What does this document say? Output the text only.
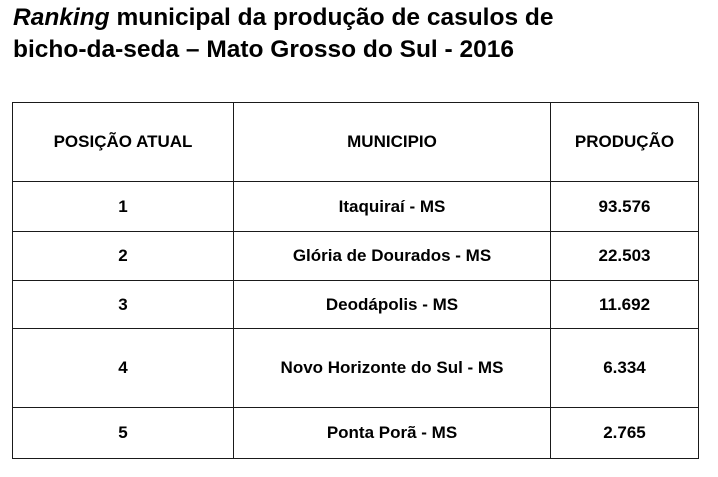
Ranking municipal da produção de casulos de
bicho-da-seda – Mato Grosso do Sul - 2016
POSIÇÃO ATUAL	MUNICIPIO	PRODUÇÃO
1	Itaquiraí - MS	93.576
2	Glória de Dourados - MS	22.503
3	Deodápolis - MS	11.692
4	Novo Horizonte do Sul - MS	6.334
5	Ponta Porã - MS	2.765
